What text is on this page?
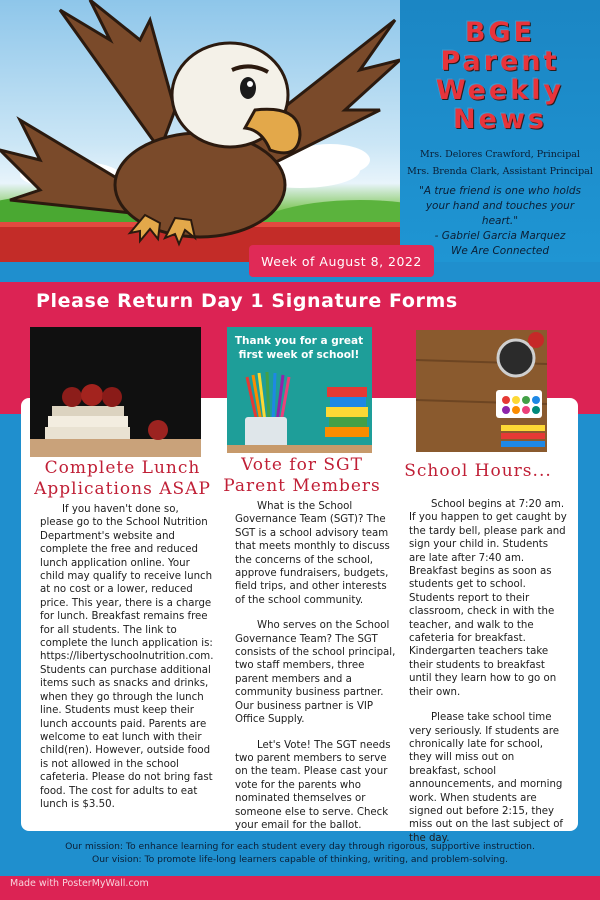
BGE
Parent
Weekly
News
Mrs. Delores Crawford, Principal
Mrs. Brenda Clark, Assistant Principal
"A true friend is one who holds
your hand and touches your
heart."
- Gabriel Garcia Marquez
We Are Connected
Week of August 8, 2022
Please Return Day 1 Signature Forms
Thank you for a great
first week of school!
Complete Lunch
Applications ASAP

If you haven't done so, please go to the School Nutrition Department's website and complete the free and reduced lunch application online. Your child may qualify to receive lunch at no cost or a lower, reduced price. This year, there is a charge for lunch. Breakfast remains free for all students. The link to complete the lunch application is: https://libertyschoolnutrition.com. Students can purchase additional items such as snacks and drinks, when they go through the lunch line. Students must keep their lunch accounts paid. Parents are welcome to eat lunch with their child(ren). However, outside food is not allowed in the school cafeteria. Please do not bring fast food. The cost for adults to eat lunch is $3.50.

Vote for SGT
Parent Members

What is the School Governance Team (SGT)? The SGT is a school advisory team that meets monthly to discuss the concerns of the school, approve fundraisers, budgets, field trips, and other interests of the school community.

Who serves on the School Governance Team? The SGT consists of the school principal, two staff members, three parent members and a community business partner. Our business partner is VIP Office Supply.

Let's Vote! The SGT needs two parent members to serve on the team. Please cast your vote for the parents who nominated themselves or someone else to serve. Check your email for the ballot.

School Hours...

School begins at 7:20 am. If you happen to get caught by the tardy bell, please park and sign your child in. Students are late after 7:40 am. Breakfast begins as soon as students get to school. Students report to their classroom, check in with the teacher, and walk to the cafeteria for breakfast. Kindergarten teachers take their students to breakfast until they learn how to go on their own.

Please take school time very seriously. If students are chronically late for school, they will miss out on breakfast, school announcements, and morning work. When students are signed out before 2:15, they miss out on the last subject of the day.

Our mission: To enhance learning for each student every day through rigorous, supportive instruction.
Our vision: To promote life-long learners capable of thinking, writing, and problem-solving.
Made with PosterMyWall.com
